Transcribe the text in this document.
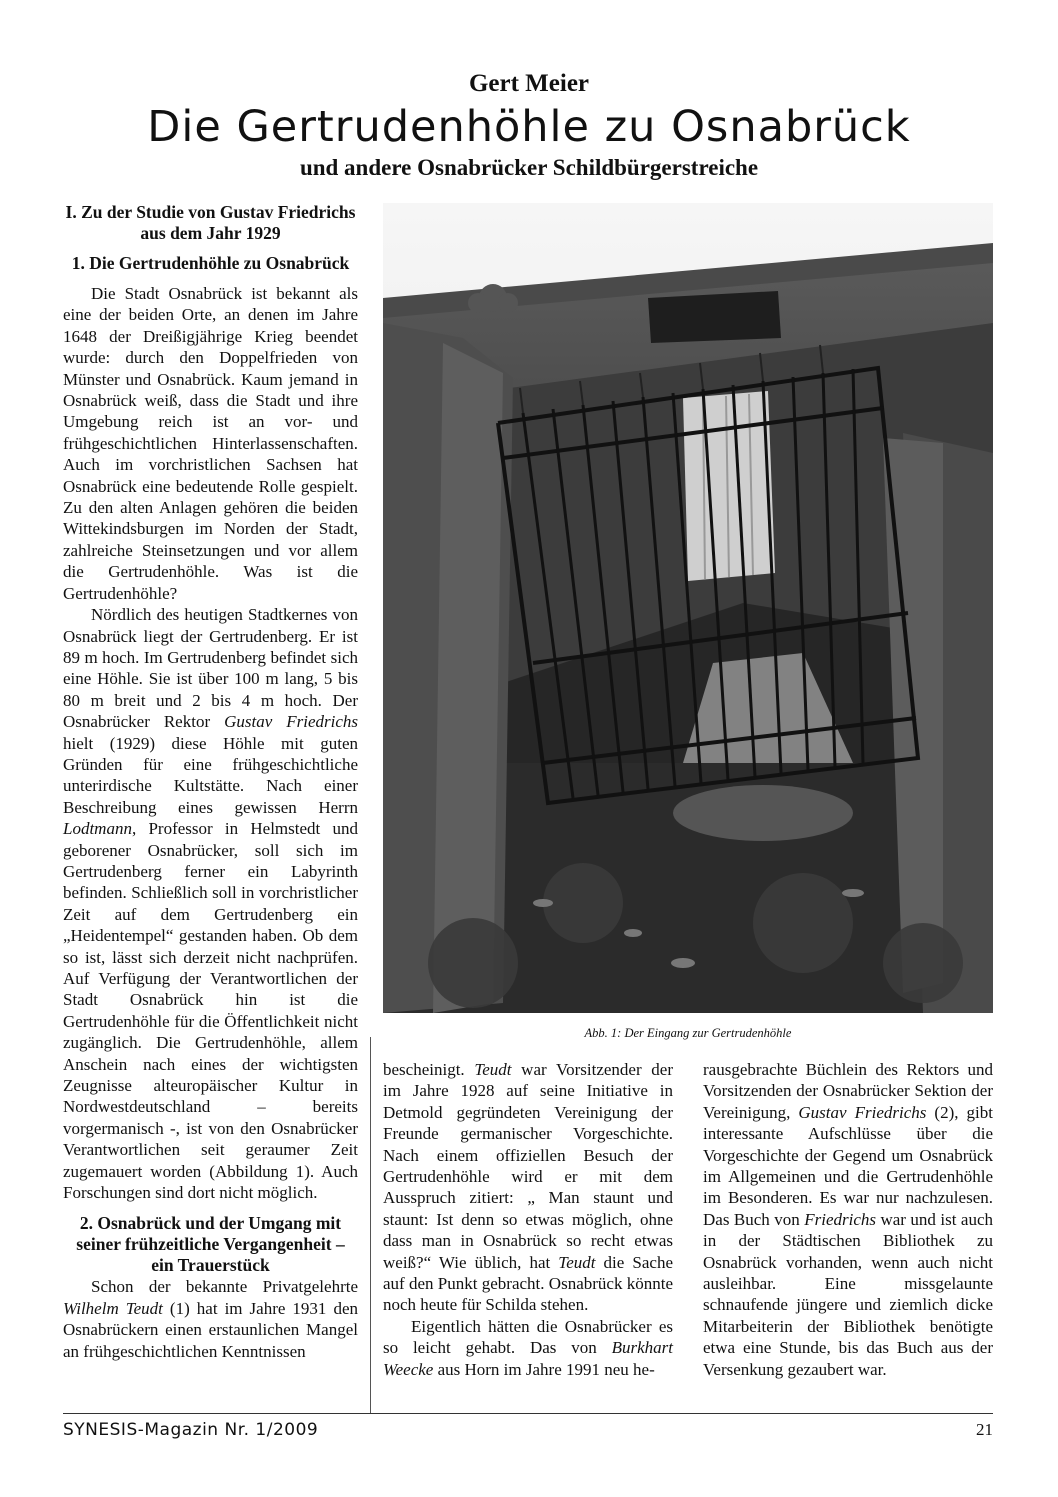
Gert Meier
Die Gertrudenhöhle zu Osnabrück
und andere Osnabrücker Schildbürgerstreiche
I. Zu der Studie von Gustav Friedrichs aus dem Jahr 1929
1. Die Gertrudenhöhle zu Osnabrück

Die Stadt Osnabrück ist bekannt als eine der beiden Orte, an denen im Jahre 1648 der Dreißigjährige Krieg beendet wurde: durch den Doppelfrieden von Münster und Osnabrück. Kaum jemand in Osnabrück weiß, dass die Stadt und ihre Umgebung reich ist an vor- und frühgeschichtlichen Hinterlassenschaften. Auch im vorchristlichen Sachsen hat Osnabrück eine bedeutende Rolle gespielt. Zu den alten Anlagen gehören die beiden Wittekindsburgen im Norden der Stadt, zahlreiche Steinsetzungen und vor allem die Gertrudenhöhle. Was ist die Gertrudenhöhle?

Nördlich des heutigen Stadtkernes von Osnabrück liegt der Gertrudenberg. Er ist 89 m hoch. Im Gertrudenberg befindet sich eine Höhle. Sie ist über 100 m lang, 5 bis 80 m breit und 2 bis 4 m hoch. Der Osnabrücker Rektor Gustav Friedrichs hielt (1929) diese Höhle mit guten Gründen für eine frühgeschichtliche unterirdische Kultstätte. Nach einer Beschreibung eines gewissen Herrn Lodtmann, Professor in Helmstedt und geborener Osnabrücker, soll sich im Gertrudenberg ferner ein Labyrinth befinden. Schließlich soll in vorchristlicher Zeit auf dem Gertrudenberg ein „Heidentempel“ gestanden haben. Ob dem so ist, lässt sich derzeit nicht nachprüfen. Auf Verfügung der Verantwortlichen der Stadt Osnabrück hin ist die Gertrudenhöhle für die Öffentlichkeit nicht zugänglich. Die Gertrudenhöhle, allem Anschein nach eines der wichtigsten Zeugnisse alteuropäischer Kultur in Nordwestdeutschland – bereits vorgermanisch -, ist von den Osnabrücker Verantwortlichen seit geraumer Zeit zugemauert worden (Abbildung 1). Auch Forschungen sind dort nicht möglich.

2. Osnabrück und der Umgang mit seiner frühzeitliche Vergangenheit – ein Trauerstück

Schon der bekannte Privatgelehrte Wilhelm Teudt (1) hat im Jahre 1931 den Osnabrückern einen erstaunlichen Mangel an frühgeschichtlichen Kenntnissen

Abb. 1: Der Eingang zur Gertrudenhöhle

bescheinigt. Teudt war Vorsitzender der im Jahre 1928 auf seine Initiative in Detmold gegründeten Vereinigung der Freunde germanischer Vorgeschichte. Nach einem offiziellen Besuch der Gertrudenhöhle wird er mit dem Ausspruch zitiert: „ Man staunt und staunt: Ist denn so etwas möglich, ohne dass man in Osnabrück so recht etwas weiß?“ Wie üblich, hat Teudt die Sache auf den Punkt gebracht. Osnabrück könnte noch heute für Schilda stehen.

Eigentlich hätten die Osnabrücker es so leicht gehabt. Das von Burkhart Weecke aus Horn im Jahre 1991 neu he-

rausgebrachte Büchlein des Rektors und Vorsitzenden der Osnabrücker Sektion der Vereinigung, Gustav Friedrichs (2), gibt interessante Aufschlüsse über die Vorgeschichte der Gegend um Osnabrück im Allgemeinen und die Gertrudenhöhle im Besonderen. Es war nur nachzulesen. Das Buch von Friedrichs war und ist auch in der Städtischen Bibliothek zu Osnabrück vorhanden, wenn auch nicht ausleihbar. Eine missgelaunte schnaufende jüngere und ziemlich dicke Mitarbeiterin der Bibliothek benötigte etwa eine Stunde, bis das Buch aus der Versenkung gezaubert war.

SYNESIS-Magazin Nr. 1/2009	21
